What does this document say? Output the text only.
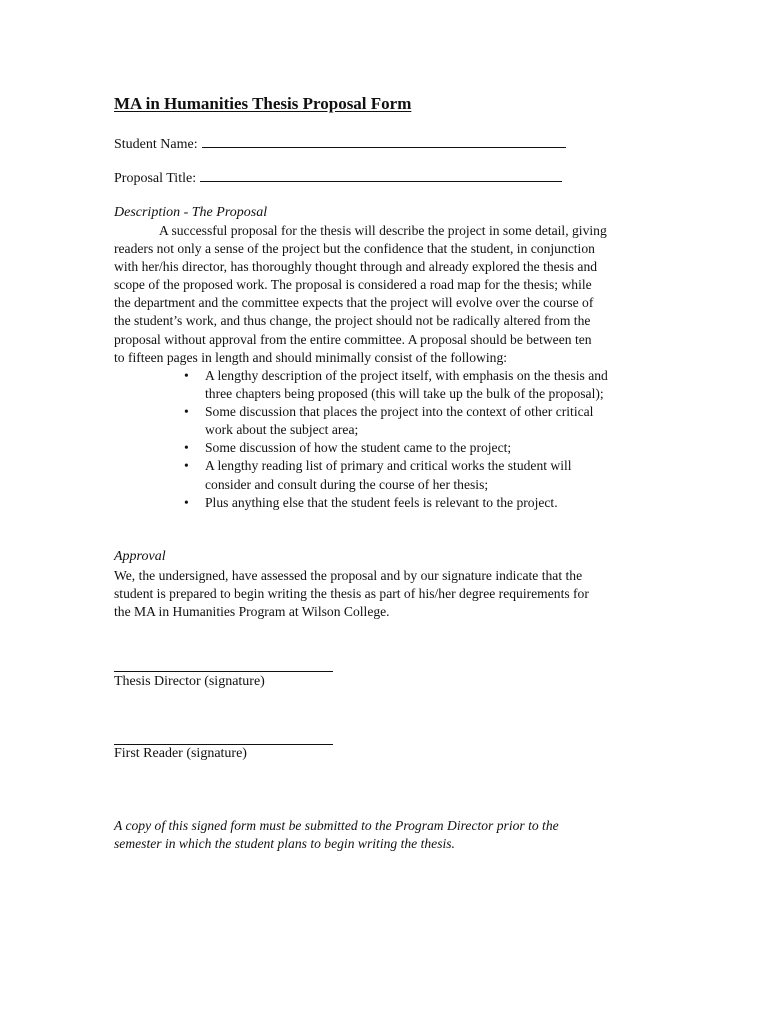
MA in Humanities Thesis Proposal Form
Student Name:
Proposal Title:
Description - The Proposal

A successful proposal for the thesis will describe the project in some detail, giving
readers not only a sense of the project but the confidence that the student, in conjunction
with her/his director, has thoroughly thought through and already explored the thesis and
scope of the proposed work. The proposal is considered a road map for the thesis; while
the department and the committee expects that the project will evolve over the course of
the student’s work, and thus change, the project should not be radically altered from the
proposal without approval from the entire committee. A proposal should be between ten
to fifteen pages in length and should minimally consist of the following:

• A lengthy description of the project itself, with emphasis on the thesis and
three chapters being proposed (this will take up the bulk of the proposal);
• Some discussion that places the project into the context of other critical
work about the subject area;
• Some discussion of how the student came to the project;
• A lengthy reading list of primary and critical works the student will
consider and consult during the course of her thesis;
• Plus anything else that the student feels is relevant to the project.
Approval

We, the undersigned, have assessed the proposal and by our signature indicate that the
student is prepared to begin writing the thesis as part of his/her degree requirements for
the MA in Humanities Program at Wilson College.

Thesis Director (signature)
First Reader (signature)

A copy of this signed form must be submitted to the Program Director prior to the
semester in which the student plans to begin writing the thesis.
